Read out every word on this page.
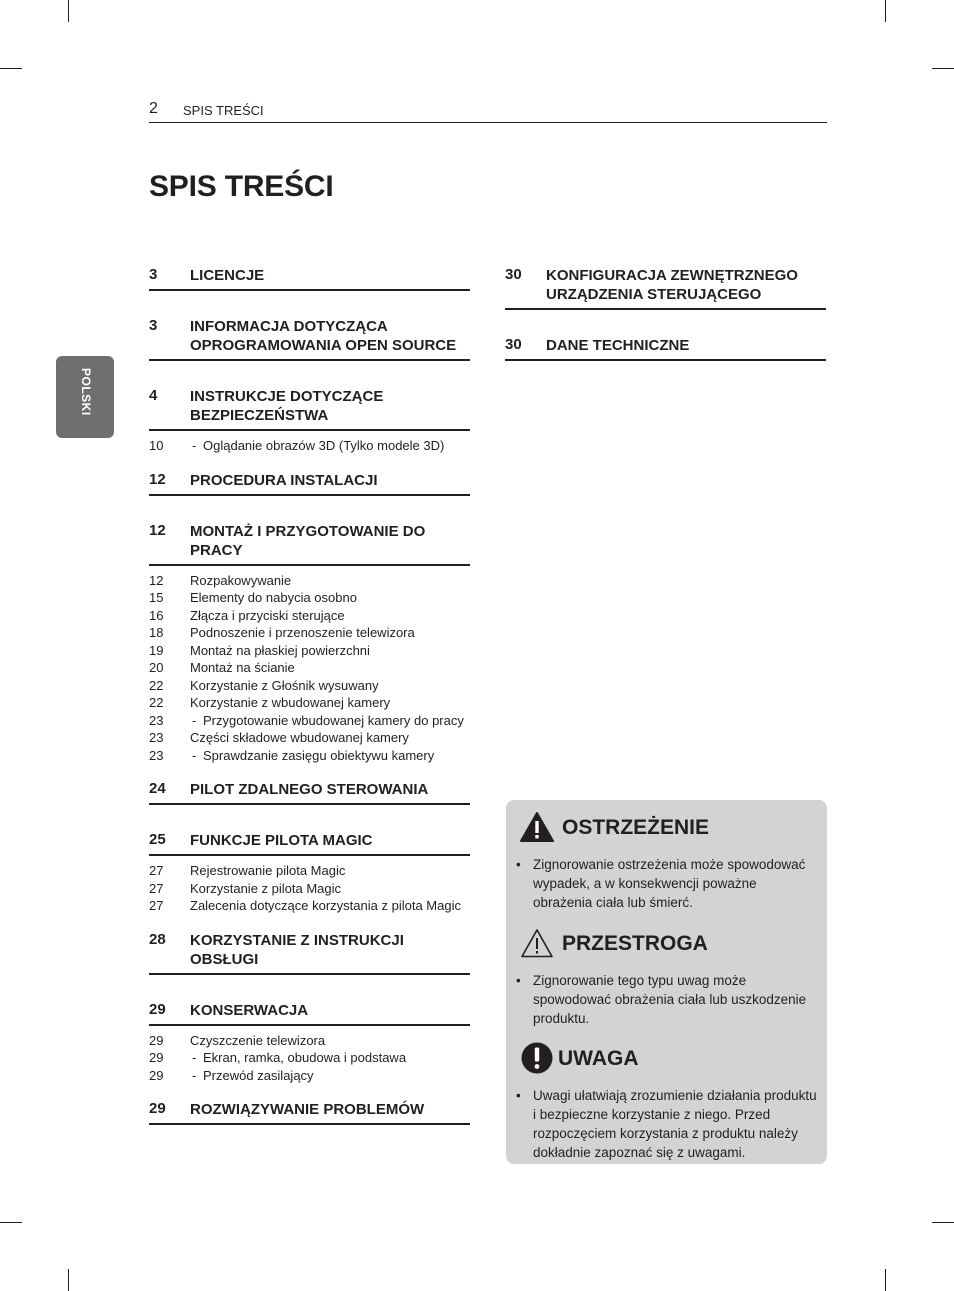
2 SPIS TREŚCI
SPIS TREŚCI
POLSKI
3 LICENCJE
3 INFORMACJA DOTYCZĄCA OPROGRAMOWANIA OPEN SOURCE
4 INSTRUKCJE DOTYCZĄCE BEZPIECZEŃSTWA
10 - Oglądanie obrazów 3D (Tylko modele 3D)
12 PROCEDURA INSTALACJI
12 MONTAŻ I PRZYGOTOWANIE DO PRACY
12 Rozpakowywanie
15 Elementy do nabycia osobno
16 Złącza i przyciski sterujące
18 Podnoszenie i przenoszenie telewizora
19 Montaż na płaskiej powierzchni
20 Montaż na ścianie
22 Korzystanie z Głośnik wysuwany
22 Korzystanie z wbudowanej kamery
23 - Przygotowanie wbudowanej kamery do pracy
23 Części składowe wbudowanej kamery
23 - Sprawdzanie zasięgu obiektywu kamery
24 PILOT ZDALNEGO STEROWANIA
25 FUNKCJE PILOTA MAGIC
27 Rejestrowanie pilota Magic
27 Korzystanie z pilota Magic
27 Zalecenia dotyczące korzystania z pilota Magic
28 KORZYSTANIE Z INSTRUKCJI OBSŁUGI
29 KONSERWACJA
29 Czyszczenie telewizora
29 - Ekran, ramka, obudowa i podstawa
29 - Przewód zasilający
29 ROZWIĄZYWANIE PROBLEMÓW
30 KONFIGURACJA ZEWNĘTRZNEGO URZĄDZENIA STERUJĄCEGO
30 DANE TECHNICZNE
OSTRZEŻENIE
• Zignorowanie ostrzeżenia może spowodować wypadek, a w konsekwencji poważne obrażenia ciała lub śmierć.
PRZESTROGA
• Zignorowanie tego typu uwag może spowodować obrażenia ciała lub uszkodzenie produktu.
UWAGA
• Uwagi ułatwiają zrozumienie działania produktu i bezpieczne korzystanie z niego. Przed rozpoczęciem korzystania z produktu należy dokładnie zapoznać się z uwagami.
